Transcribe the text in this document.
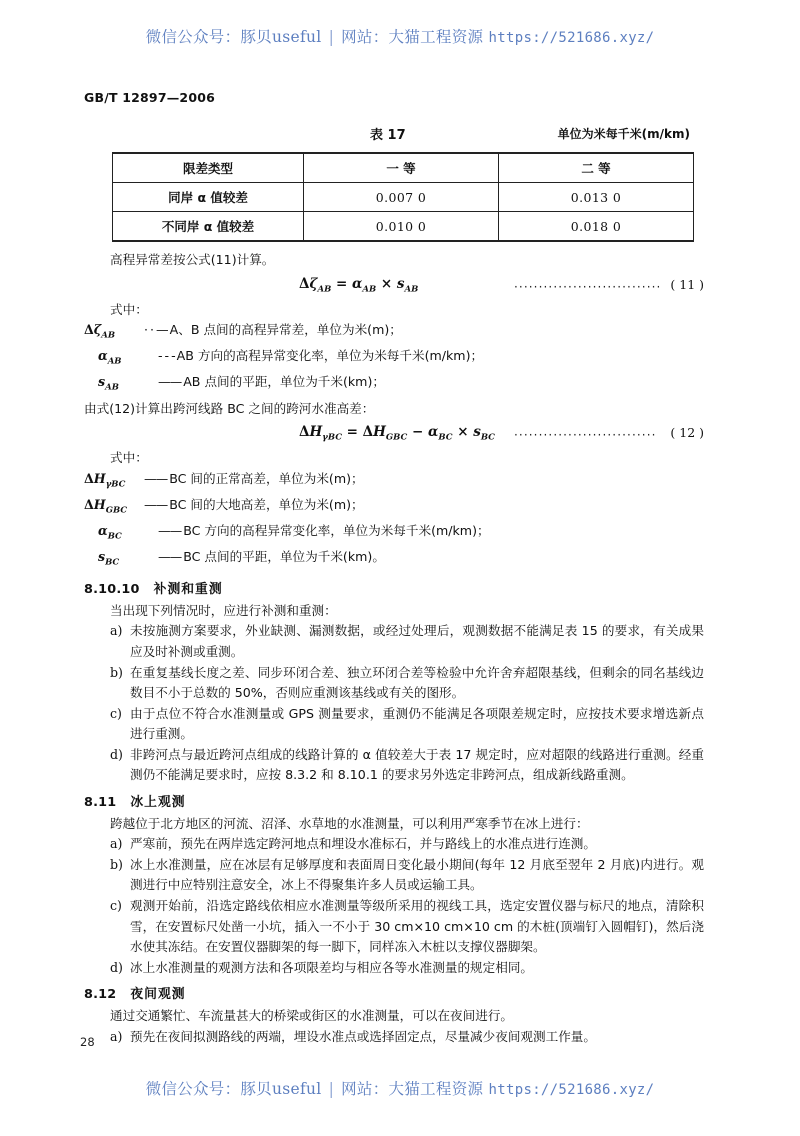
微信公众号：豚贝useful | 网站：大猫工程资源 https://521686.xyz/
GB/T 12897—2006
表 17	单位为米每千米(m/km)
限差类型	一 等	二 等
同岸 α 值较差	0.007 0	0.013 0
不同岸 α 值较差	0.010 0	0.018 0
高程异常差按公式(11)计算。
$\Delta\zeta_{AB} = \alpha_{AB} \times s_{AB}$	······························ ( 11 )
式中：
$\Delta\zeta_{AB}$	· · — A、B 点间的高程异常差，单位为米(m)；
$\alpha_{AB}$	- - - AB 方向的高程异常变化率，单位为米每千米(m/km)；
$s_{AB}$	—— AB 点间的平距，单位为千米(km)；
由式(12)计算出跨河线路 BC 之间的跨河水准高差：
$\Delta H_{\gamma BC} = \Delta H_{GBC} - \alpha_{BC} \times s_{BC}$ ····························· ( 12 )
式中：
$\Delta H_{\gamma BC}$	—— BC 间的正常高差，单位为米(m)；
$\Delta H_{GBC}$	—— BC 间的大地高差，单位为米(m)；
$\alpha_{BC}$	—— BC 方向的高程异常变化率，单位为米每千米(m/km)；
$s_{BC}$	—— BC 点间的平距，单位为千米(km)。
8.10.10 补测和重测
当出现下列情况时，应进行补测和重测：
a) 未按施测方案要求，外业缺测、漏测数据，或经过处理后，观测数据不能满足表 15 的要求，有关成果应及时补测或重测。
b) 在重复基线长度之差、同步环闭合差、独立环闭合差等检验中允许舍弃超限基线，但剩余的同名基线边数目不小于总数的 50%，否则应重测该基线或有关的图形。
c) 由于点位不符合水准测量或 GPS 测量要求，重测仍不能满足各项限差规定时，应按技术要求增选新点进行重测。
d) 非跨河点与最近跨河点组成的线路计算的 α 值较差大于表 17 规定时，应对超限的线路进行重测。经重测仍不能满足要求时，应按 8.3.2 和 8.10.1 的要求另外选定非跨河点，组成新线路重测。
8.11 冰上观测
跨越位于北方地区的河流、沼泽、水草地的水准测量，可以利用严寒季节在冰上进行：
a) 严寒前，预先在两岸选定跨河地点和埋设水准标石，并与路线上的水准点进行连测。
b) 冰上水准测量，应在冰层有足够厚度和表面周日变化最小期间(每年 12 月底至翌年 2 月底)内进行。观测进行中应特别注意安全，冰上不得聚集许多人员或运输工具。
c) 观测开始前，沿选定路线依相应水准测量等级所采用的视线工具，选定安置仪器与标尺的地点，清除积雪，在安置标尺处凿一小坑，插入一不小于 30 cm×10 cm×10 cm 的木桩(顶端钉入圆帽钉)，然后浇水使其冻结。在安置仪器脚架的每一脚下，同样冻入木桩以支撑仪器脚架。
d) 冰上水准测量的观测方法和各项限差均与相应各等水准测量的规定相同。
8.12 夜间观测
通过交通繁忙、车流量甚大的桥梁或街区的水准测量，可以在夜间进行。
a) 预先在夜间拟测路线的两端，埋设水准点或选择固定点，尽量减少夜间观测工作量。
28
微信公众号：豚贝useful | 网站：大猫工程资源 https://521686.xyz/
